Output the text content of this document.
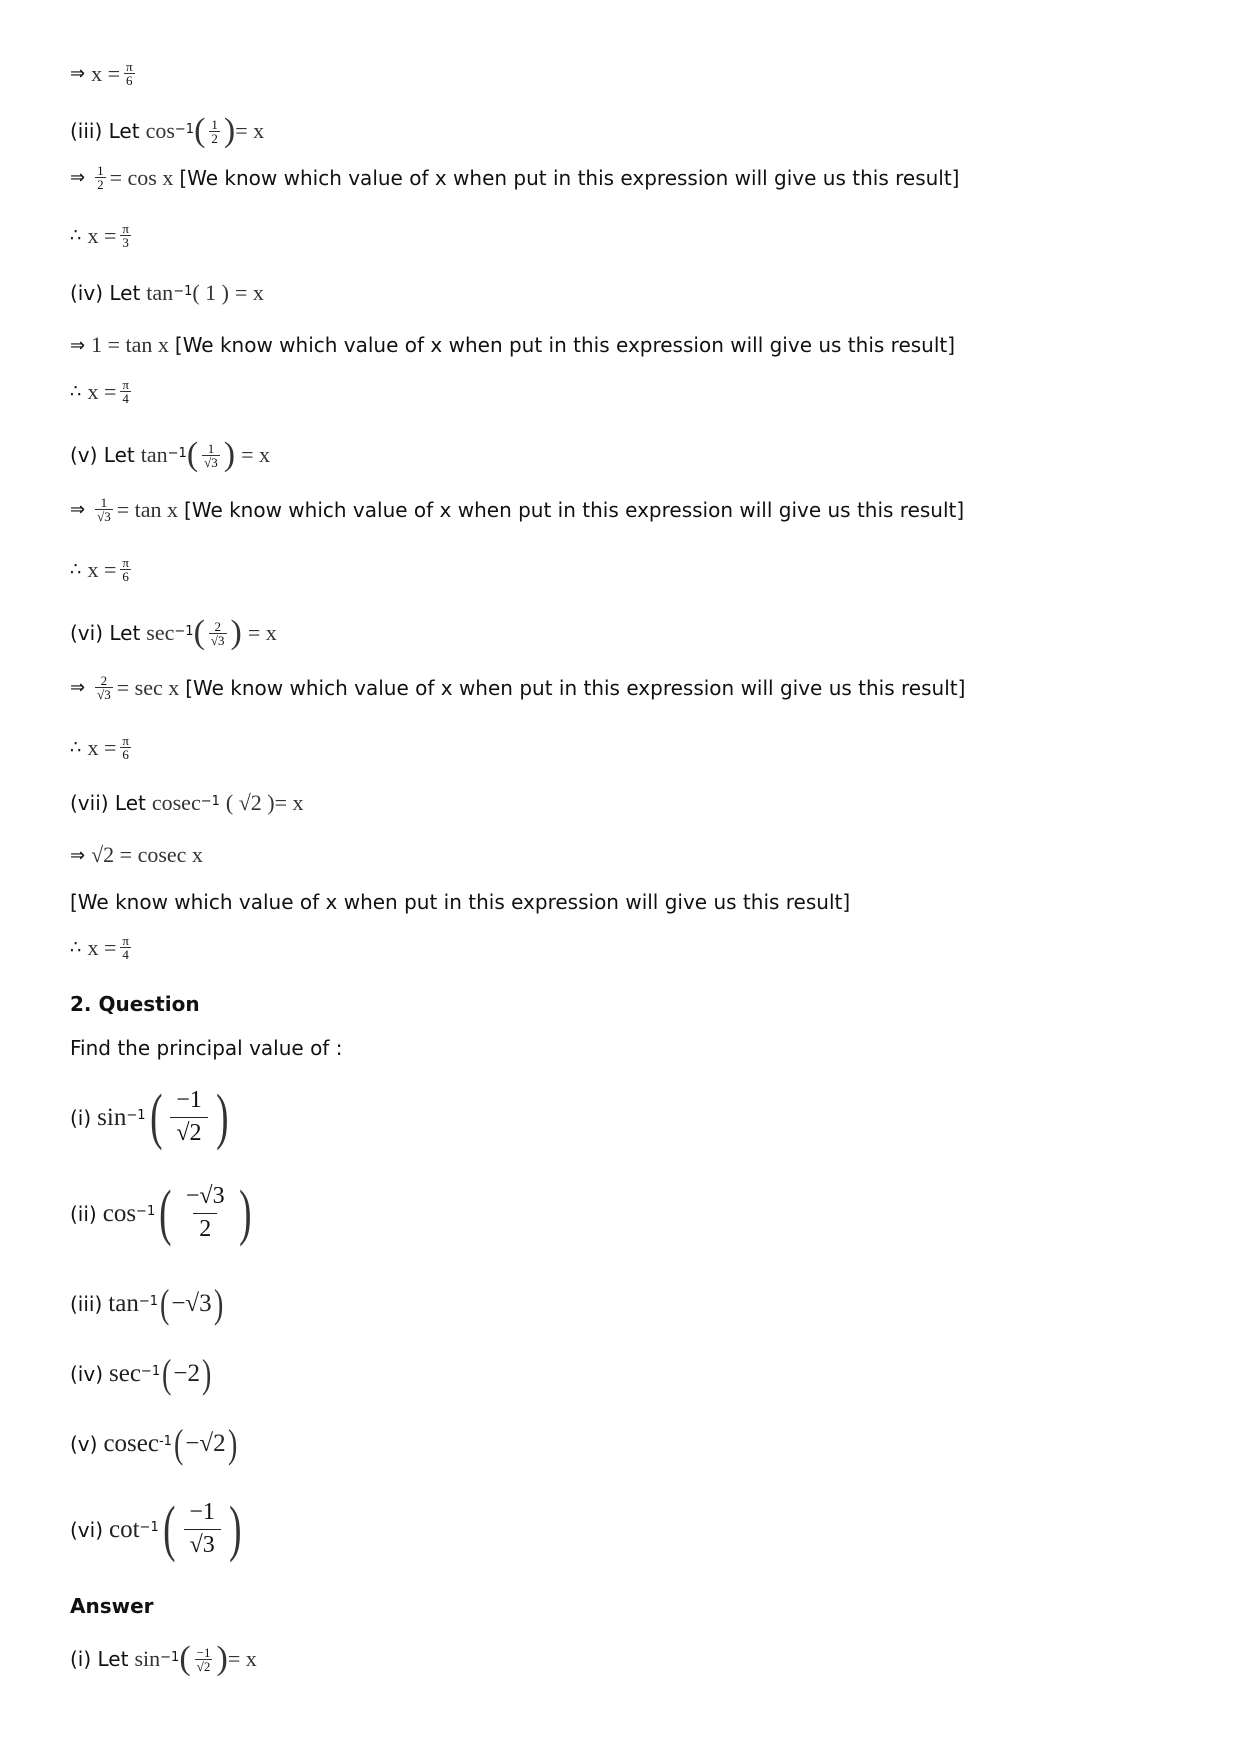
⇒ $x = \frac{\pi}{6}$
(iii) Let $\cos^{-1}$ ( $\frac{1}{2}$ ) = x
⇒ $\frac{1}{2} = \cos x$ [We know which value of x when put in this expression will give us this result]
∴ $x = \frac{\pi}{3}$
(iv) Let $\tan^{-1}$ ( 1 ) = x
⇒ 1 = tan x [We know which value of x when put in this expression will give us this result]
∴ $x = \frac{\pi}{4}$
(v) Let $\tan^{-1}$ ( $\frac{1}{√3}$ ) = x
⇒ $\frac{1}{√3} = \tan x$ [We know which value of x when put in this expression will give us this result]
∴ $x = \frac{\pi}{6}$
(vi) Let $\sec^{-1}$ ( $\frac{2}{√3}$ ) = x
⇒ $\frac{2}{√3} = \sec x$ [We know which value of x when put in this expression will give us this result]
∴ $x = \frac{\pi}{6}$
(vii) Let cosec$^{-1}$ ( √2 ) = x
⇒ √2 = cosec x
[We know which value of x when put in this expression will give us this result]
∴ $x = \frac{\pi}{4}$
2. Question
Find the principal value of :
(i) $\sin^{-1}$ ( $\frac{-1}{√2}$ )
(ii) $\cos^{-1}$ ( $\frac{-√3}{2}$ )
(iii) $\tan^{-1}$ ( −√3 )
(iv) $\sec^{-1}$ ( −2 )
(v) cosec$^{-1}$ ( −√2 )
(vi) $\cot^{-1}$ ( $\frac{-1}{√3}$ )
Answer
(i) Let $\sin^{-1}$ ( $\frac{-1}{√2}$ ) = x
